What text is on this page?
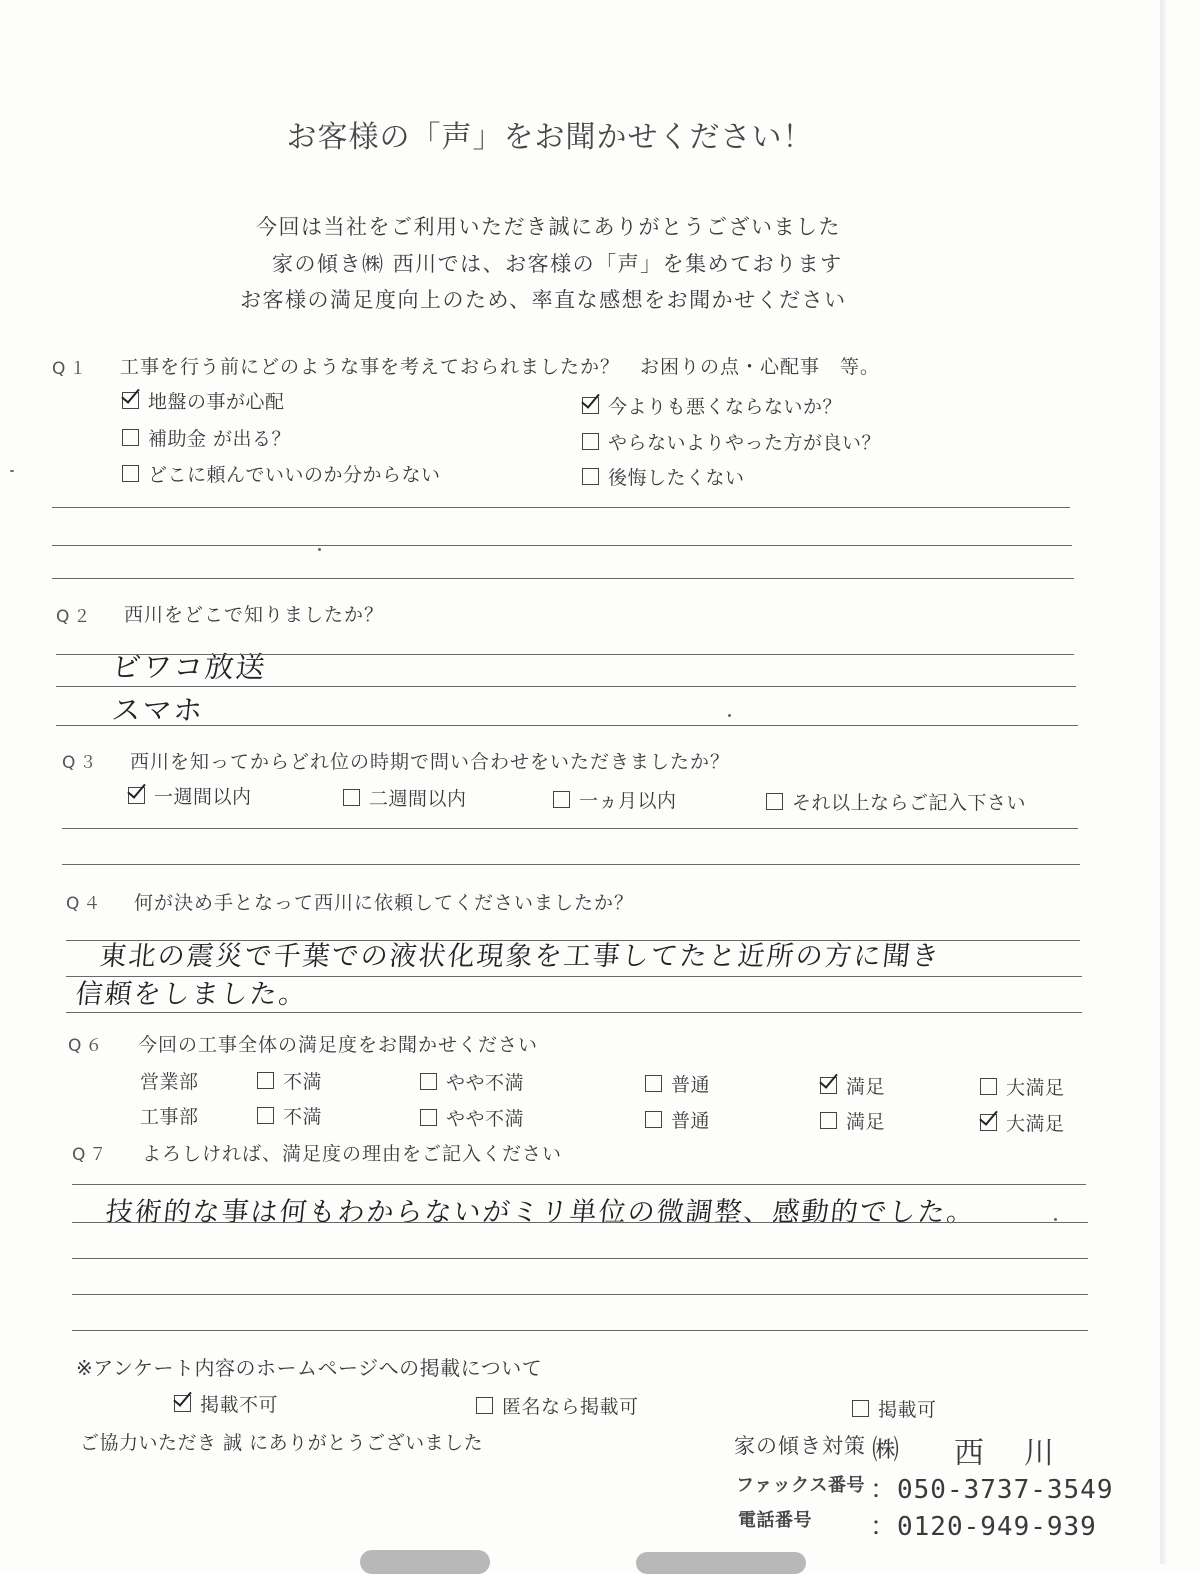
お客様の「声」をお聞かせください！
今回は当社をご利用いただき誠にありがとうございました
家の傾き㈱ 西川では、お客様の「声」を集めております
お客様の満足度向上のため、率直な感想をお聞かせください
Q１ 工事を行う前にどのような事を考えておられましたか？　お困りの点・心配事　等。
地盤の事が心配
補助金 が出る？
どこに頼んでいいのか分からない
今よりも悪くならないか？
やらないよりやった方が良い？
後悔したくない
Q２ 西川をどこで知りましたか？
ビワコ放送
スマホ
Q３ 西川を知ってからどれ位の時期で問い合わせをいただきましたか？
一週間以内	二週間以内	一ヵ月以内	それ以上ならご記入下さい
Q４ 何が決め手となって西川に依頼してくださいましたか？
東北の震災で千葉での液状化現象を工事してたと近所の方に聞き
信頼をしました。
Q６ 今回の工事全体の満足度をお聞かせください
営業部	不満	やや不満	普通	満足	大満足
工事部	不満	やや不満	普通	満足	大満足
Q７ よろしければ、満足度の理由をご記入ください
技術的な事は何もわからないがミリ単位の微調整、感動的でした。
※アンケート内容のホームページへの掲載について
掲載不可	匿名なら掲載可	掲載可
ご協力いただき 誠 にありがとうございました	家の傾き対策 ㈱ 西川
ファックス番号 ：050-3737-3549
電話番号 ：0120-949-939
